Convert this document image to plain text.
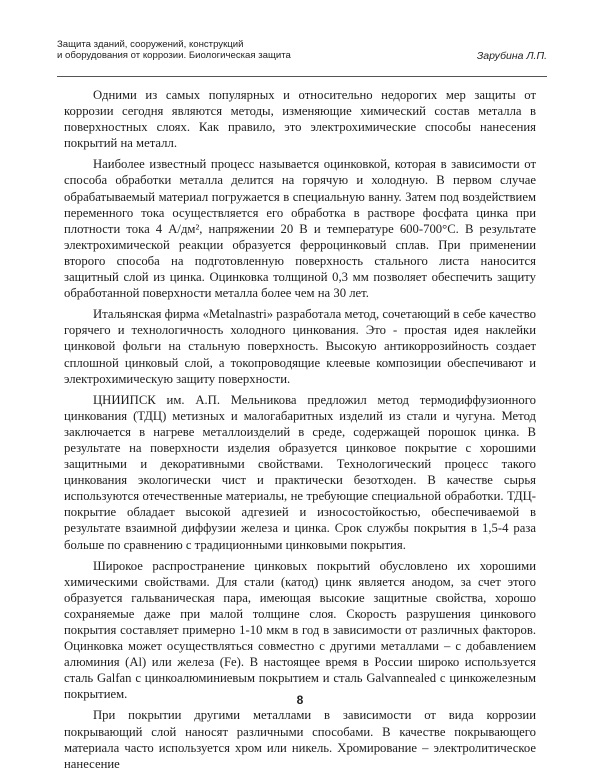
Защита зданий, сооружений, конструкций
и оборудования от коррозии. Биологическая защита	Зарубина Л.П.

Одними из самых популярных и относительно недорогих мер защиты от коррозии сегодня являются методы, изменяющие химический состав металла в поверхностных слоях. Как правило, это электрохимические способы нанесения покрытий на металл.

Наиболее известный процесс называется оцинковкой, которая в зависимости от способа обработки металла делится на горячую и холодную. В первом случае обрабатываемый материал погружается в специальную ванну. Затем под воздействием переменного тока осуществляется его обработка в растворе фосфата цинка при плотности тока 4 А/дм², напряжении 20 В и температуре 600-700°С. В результате электрохимической реакции образуется ферроцинковый сплав. При применении второго способа на подготовленную поверхность стального листа наносится защитный слой из цинка. Оцинковка толщиной 0,3 мм позволяет обеспечить защиту обработанной поверхности металла более чем на 30 лет.

Итальянская фирма «Metalnastri» разработала метод, сочетающий в себе качество горячего и технологичность холодного цинкования. Это - простая идея наклейки цинковой фольги на стальную поверхность. Высокую антикоррозийность создает сплошной цинковый слой, а токопроводящие клеевые композиции обеспечивают и электрохимическую защиту поверхности.

ЦНИИПСК им. А.П. Мельникова предложил метод термодиффузионного цинкования (ТДЦ) метизных и малогабаритных изделий из стали и чугуна. Метод заключается в нагреве металлоизделий в среде, содержащей порошок цинка. В результате на поверхности изделия образуется цинковое покрытие с хорошими защитными и декоративными свойствами. Технологический процесс такого цинкования экологически чист и практически безотходен. В качестве сырья используются отечественные материалы, не требующие специальной обработки. ТДЦ- покрытие обладает высокой адгезией и износостойкостью, обеспечиваемой в результате взаимной диффузии железа и цинка. Срок службы покрытия в 1,5-4 раза больше по сравнению с традиционными цинковыми покрытия.

Широкое распространение цинковых покрытий обусловлено их хорошими химическими свойствами. Для стали (катод) цинк является анодом, за счет этого образуется гальваническая пара, имеющая высокие защитные свойства, хорошо сохраняемые даже при малой толщине слоя. Скорость разрушения цинкового покрытия составляет примерно 1-10 мкм в год в зависимости от различных факторов. Оцинковка может осуществляться совместно с другими металлами – с добавлением алюминия (Al) или железа (Fe). В настоящее время в России широко используется сталь Galfan с цинкоалюминиевым покрытием и сталь Galvannealed с цинкожелезным покрытием.

При покрытии другими металлами в зависимости от вида коррозии покрывающий слой наносят различными способами. В качестве покрывающего материала часто используется хром или никель. Хромирование – электролитическое нанесение

8
